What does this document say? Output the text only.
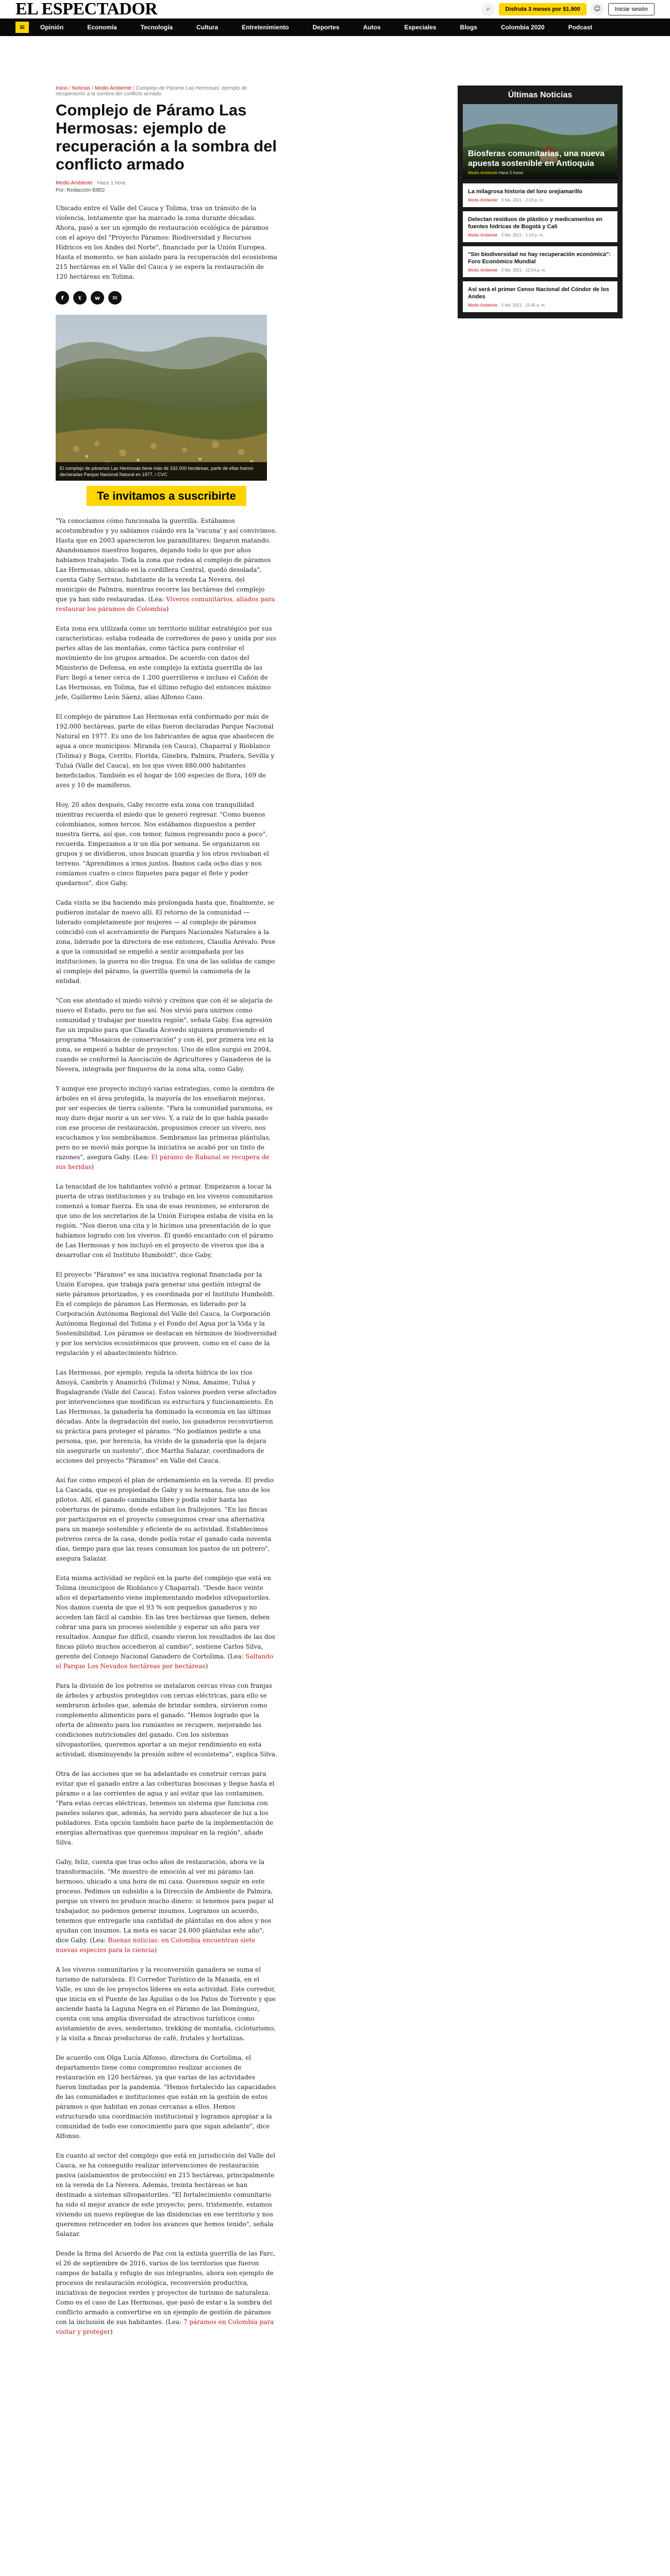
EL ESPECTADOR	⌕	Disfruta 3 meses por $1.900	☺	Iniciar sesión
≡	Opinión	Economía	Tecnología	Cultura	Entretenimiento	Deportes	Autos	Especiales	Blogs	Colombia 2020	Podcast
Inicio / Noticias / Medio Ambiente / Complejo de Páramo Las Hermosas: ejemplo de recuperación a la sombra del conflicto armado
Complejo de Páramo Las Hermosas: ejemplo de recuperación a la sombra del conflicto armado
Medio Ambiente Hace 1 hora
Por: Redacción BIBO

Ubicado entre el Valle del Cauca y Tolima, tras un tránsito de la violencia, lentamente que ha marcado la zona durante décadas. Ahora, pasó a ser un ejemplo de restauración ecológica de páramos con el apoyo del "Proyecto Páramos: Biodiversidad y Recursos Hídricos en los Andes del Norte", financiado por la Unión Europea. Hasta el momento, se han aislado para la recuperación del ecosistema 215 hectáreas en el Valle del Cauca y se espera la restauración de 120 hectáreas en Tolima.

f	t	w	✉
El complejo de páramos Las Hermosas tiene más de 192.000 hectáreas, parte de ellas fueron declaradas Parque Nacional Natural en 1977. / CVC
Te invitamos a suscribirte

"Ya conocíamos cómo funcionaba la guerrilla. Estábamos acostumbrados y yo sabíamos cuándo era la 'vacuna' y así convivimos. Hasta que en 2003 aparecieron los paramilitares; llegaron matando. Abandonamos nuestros hogares, dejando todo lo que por años habíamos trabajado. Toda la zona que rodea al complejo de páramos Las Hermosas, ubicado en la cordillera Central, quedó desolada", cuenta Gaby Serrano, habitante de la vereda La Nevera, del municipio de Palmira, mientras recorre las hectáreas del complejo que ya han sido restauradas. (Lea: Viveros comunitarios, aliados para restaurar los páramos de Colombia)

Esta zona era utilizada como un territorio militar estratégico por sus características: estaba rodeada de corredores de paso y unida por sus partes altas de las montañas, como táctica para controlar el movimiento de los grupos armados. De acuerdo con datos del Ministerio de Defensa, en este complejo la extinta guerrilla de las Farc llegó a tener cerca de 1.200 guerrilleros e incluso el Cañón de Las Hermosas, en Tolima, fue el último refugio del entonces máximo jefe, Guillermo León Sáenz, alias Alfonso Cano.

El complejo de páramos Las Hermosas está conformado por más de 192.000 hectáreas, parte de ellas fueron declaradas Parque Nacional Natural en 1977. Es uno de los fabricantes de agua que abastecen de agua a once municipios: Miranda (en Cauca), Chaparral y Rioblanco (Tolima) y Buga, Cerrito, Florida, Ginebra, Palmira, Pradera, Sevilla y Tuluá (Valle del Cauca), en los que viven 880.000 habitantes beneficiados. También es el hogar de 100 especies de flora, 169 de aves y 10 de mamíferos.

Hoy, 20 años después, Gaby recorre esta zona con tranquilidad mientras recuerda el miedo que le generó regresar. "Como buenos colombianos, somos tercos. Nos estábamos dispuestos a perder nuestra tierra, así que, con temor, fuimos regresando poco a poco", recuerda. Empezamos a ir un día por semana. Se organizaron en grupos y se dividieron, unos buscan guardia y los otros revisaban el terreno. "Aprendimos a irnos juntos. Íbamos cada ocho días y nos comíamos cuatro o cinco fiiquetes para pagar el flete y poder quedarnos", dice Gaby.

Cada visita se iba haciendo más prolongada hasta que, finalmente, se pudieron instalar de nuevo allí. El retorno de la comunidad — liderado completamente por mujeres — al complejo de páramos coincidió con el acercamiento de Parques Nacionales Naturales a la zona, liderado por la directora de ese entonces, Claudia Arévalo. Pese a que la comunidad se empeñó a sentir acompañada por las instituciones, la guerra no dio tregua. En una de las salidas de campo al complejo del páramo, la guerrilla quemó la camioneta de la entidad.

"Con ese atentado el miedo volvió y creímos que con él se alejaría de nuevo el Estado, pero no fue así. Nos sirvió para unirnos como comunidad y trabajar por nuestra región", señala Gaby. Esa agresión fue un impulso para que Claudia Acevedo siguiera promoviendo el programa "Mosaicos de conservación" y con él, por primera vez en la zona, se empezó a hablar de proyectos. Uno de ellos surgió en 2004, cuando se conformó la Asociación de Agricultores y Ganaderos de la Nevera, integrada por finqueros de la zona alta, como Gaby.

Y aunque ese proyecto incluyó varias estrategias, como la siembra de árboles en el área protegida, la mayoría de los enseñaron mejoras, por ser especies de tierra caliente. "Para la comunidad paramuna, es muy duro dejar morir a un ser vivo. Y, a raíz de lo que había pasado con ese proceso de restauración, propusimos crecer un vivero, nos escuchamos y los sembrábamos. Sembramos las primeras plántulas, pero no se movió más porque la iniciativa se acabó por un tinto de razones", asegura Gaby. (Lea: El páramo de Rabanal se recupera de sus heridas)

La tenacidad de los habitantes volvió a primar. Empezaron a tocar la puerta de otras instituciones y su trabajo en los viveros comunitarios comenzó a tomar fuerza. En una de esas reuniones, se enteraron de que uno de los secretarios de la Unión Europea estaba de visita en la región. "Nos dieron una cita y le hicimos una presentación de lo que habíamos logrado con los viveros. Él quedó encantado con el páramo de Las Hermosas y nos incluyó en el proyecto de viveros que iba a desarrollar con el Instituto Humboldt", dice Gaby.

El proyecto "Páramos" es una iniciativa regional financiada por la Unión Europea, que trabaja para generar una gestión integral de siete páramos priorizados, y es coordinada por el Instituto Humboldt. En el complejo de páramos Las Hermosas, es liderado por la Corporación Autónoma Regional del Valle del Cauca, la Corporación Autónoma Regional del Tolima y el Fondo del Agua por la Vida y la Sostenibilidad. Los páramos se destacan en términos de biodiversidad y por los servicios ecosistémicos que proveen, como en el caso de la regulación y el abastecimiento hídrico.

Las Hermosas, por ejemplo, regula la oferta hídrica de los ríos Amoyá, Cambrín y Anamichú (Tolima) y Nima, Amaime, Tuluá y Bugalagrande (Valle del Cauca). Estos valores pueden verse afectados por intervenciones que modifican su estructura y funcionamiento. En Las Hermosas, la ganadería ha dominado la economía en las últimas décadas. Ante la degradación del suelo, los ganaderos reconvirtieron su práctica para proteger el páramo. "No podíamos pedirle a una persona, que, por herencia, ha vivido de la ganadería que la dejara sin asegurarle un sustento", dice Martha Salazar, coordinadora de acciones del proyecto "Páramos" en Valle del Cauca.

Así fue como empezó el plan de ordenamiento en la vereda. El predio La Cascada, que es propiedad de Gaby y su hermana, fue uno de los pilotos. Allí, el ganado caminaba libre y podía subir hasta las coberturas de páramo, donde estaban los frailejones. "En las fincas por participaron en el proyecto conseguimos crear una alternativa para un manejo sostenible y eficiente de su actividad. Establecimos potreros cerca de la casa, donde podía rotar el ganado cada noventa días, tiempo para que las reses consuman los pastos de un potrero", asegura Salazar.

Esta misma actividad se replicó en la parte del complejo que está en Tolima (municipios de Rioblanco y Chaparral). "Desde hace veinte años el departamento viene implementando modelos silvopastoriles. Nos damos cuenta de que el 93 % son pequeños ganaderos y no acceden tan fácil al cambio. En las tres hectáreas que tienen, deben cobrar una para un proceso sostenible y esperar un año para ver resultados. Aunque fue difícil, cuando vieron los resultados de las dos fincas piloto muchos accedieron al cambio", sostiene Carlos Silva, gerente del Consejo Nacional Ganadero de Cortolima. (Lea: Saltando el Parque Los Nevados hectáreas por hectáreas)

Para la división de los potreros se instalaron cercas vivas con franjas de árboles y arbustos protegidos con cercas eléctricas, para ello se sembraron árboles que, además de brindar sombra, sirvieron como complemento alimenticio para el ganado. "Hemos logrado que la oferta de alimento para los rumiantes se recupere, mejorando las condiciones nutricionales del ganado. Con los sistemas silvopastoriles, queremos aportar a un mejor rendimiento en esta actividad, disminuyendo la presión sobre el ecosistema", explica Silva.

Otra de las acciones que se ha adelantado es construir cercas para evitar que el ganado entre a las coberturas boscosas y llegue hasta el páramo o a las corrientes de agua y así evitar que las contaminen. "Para estas cercas eléctricas, tenemos un sistema que funciona con paneles solares que, además, ha servido para abastecer de luz a los pobladores. Esta opción también hace parte de la implementación de energías alternativas que queremos impulsar en la región", añade Silva.

Gaby, feliz, cuenta que tras ocho años de restauración, ahora ve la transformación. "Me muestro de emoción al ver mi páramo tan hermoso, ubicado a una hora de mi casa. Queremos seguir en este proceso. Pedimos un subsidio a la Dirección de Ambiente de Palmira, porque un vivero no produce mucho dinero: si tenemos para pagar al trabajador, no podemos generar insumos. Logramos un acuerdo, tenemos que entregarle una cantidad de plántulas en dos años y nos ayudan con insumos. La meta es sacar 24.000 plántulas este año", dice Gaby. (Lea: Buenas noticias: en Colombia encuentran siete nuevas especies para la ciencia)

A los viveros comunitarios y la reconversión ganadera se suma el turismo de naturaleza. El Corredor Turístico de la Manada, en el Valle, es uno de los proyectos líderes en esta actividad. Este corredor, que inicia en el Puente de las Águilas o de los Patos de Torrente y que asciende hasta la Laguna Negra en el Páramo de las Domínguez, cuenta con una amplia diversidad de atractivos turísticos como avistamiento de aves, senderismo, trekking de montaña, cicloturismo, y la visita a fincas productoras de café, frutales y hortalizas.

De acuerdo con Olga Lucía Alfonso, directora de Cortolima, el departamento tiene como compromiso realizar acciones de restauración en 120 hectáreas, ya que varias de las actividades fueron limitadas por la pandemia. "Hemos fortalecido las capacidades de las comunidades e instituciones que están en la gestión de estos páramos o que habitan en zonas cercanas a ellos. Hemos estructurado una coordinación institucional y logramos apropiar a la comunidad de todo ese conocimiento para que sigan adelante", dice Alfonso.

En cuanto al sector del complejo que está en jurisdicción del Valle del Cauca, se ha conseguido realizar intervenciones de restauración pasiva (aislamientos de protección) en 215 hectáreas, principalmente en la vereda de La Nevera. Además, treinta hectáreas se han destinado a sistemas silvopastoriles. "El fortalecimiento comunitario ha sido el mejor avance de este proyecto; pero, tristemente, estamos viviendo un nuevo repliegue de las disidencias en ese territorio y nos queremos retroceder en todos los avances que hemos tenido", señala Salazar.

Desde la firma del Acuerdo de Paz con la extinta guerrilla de las Farc, el 26 de septiembre de 2016, varios de los territorios que fueron campos de batalla y refugio de sus integrantes, ahora son ejemplo de procesos de restauración ecológica, reconversión productiva, iniciativas de negocios verdes y proyectos de turismo de naturaleza. Como es el caso de Las Hermosas, que pasó de estar a la sombra del conflicto armado a convertirse en un ejemplo de gestión de páramos con la inclusión de sus habitantes. (Lea: 7 páramos en Colombia para visitar y proteger)

Últimas Noticias
Biosferas comunitarias, una nueva apuesta sostenible en Antioquia
Medio Ambiente Hace 3 horas
La milagrosa historia del loro orejiamarillo
Medio Ambiente · 3 feb. 2021 - 2:19 p. m.
Detectan residuos de plástico y medicamentos en fuentes hídricas de Bogotá y Cali
Medio Ambiente · 3 feb. 2021 - 1:19 p. m.
"Sin biodiversidad no hay recuperación económica": Foro Económico Mundial
Medio Ambiente · 3 feb. 2021 - 12:54 p. m.
Así será el primer Censo Nacional del Cóndor de los Andes
Medio Ambiente · 3 feb. 2021 - 11:45 a. m.
